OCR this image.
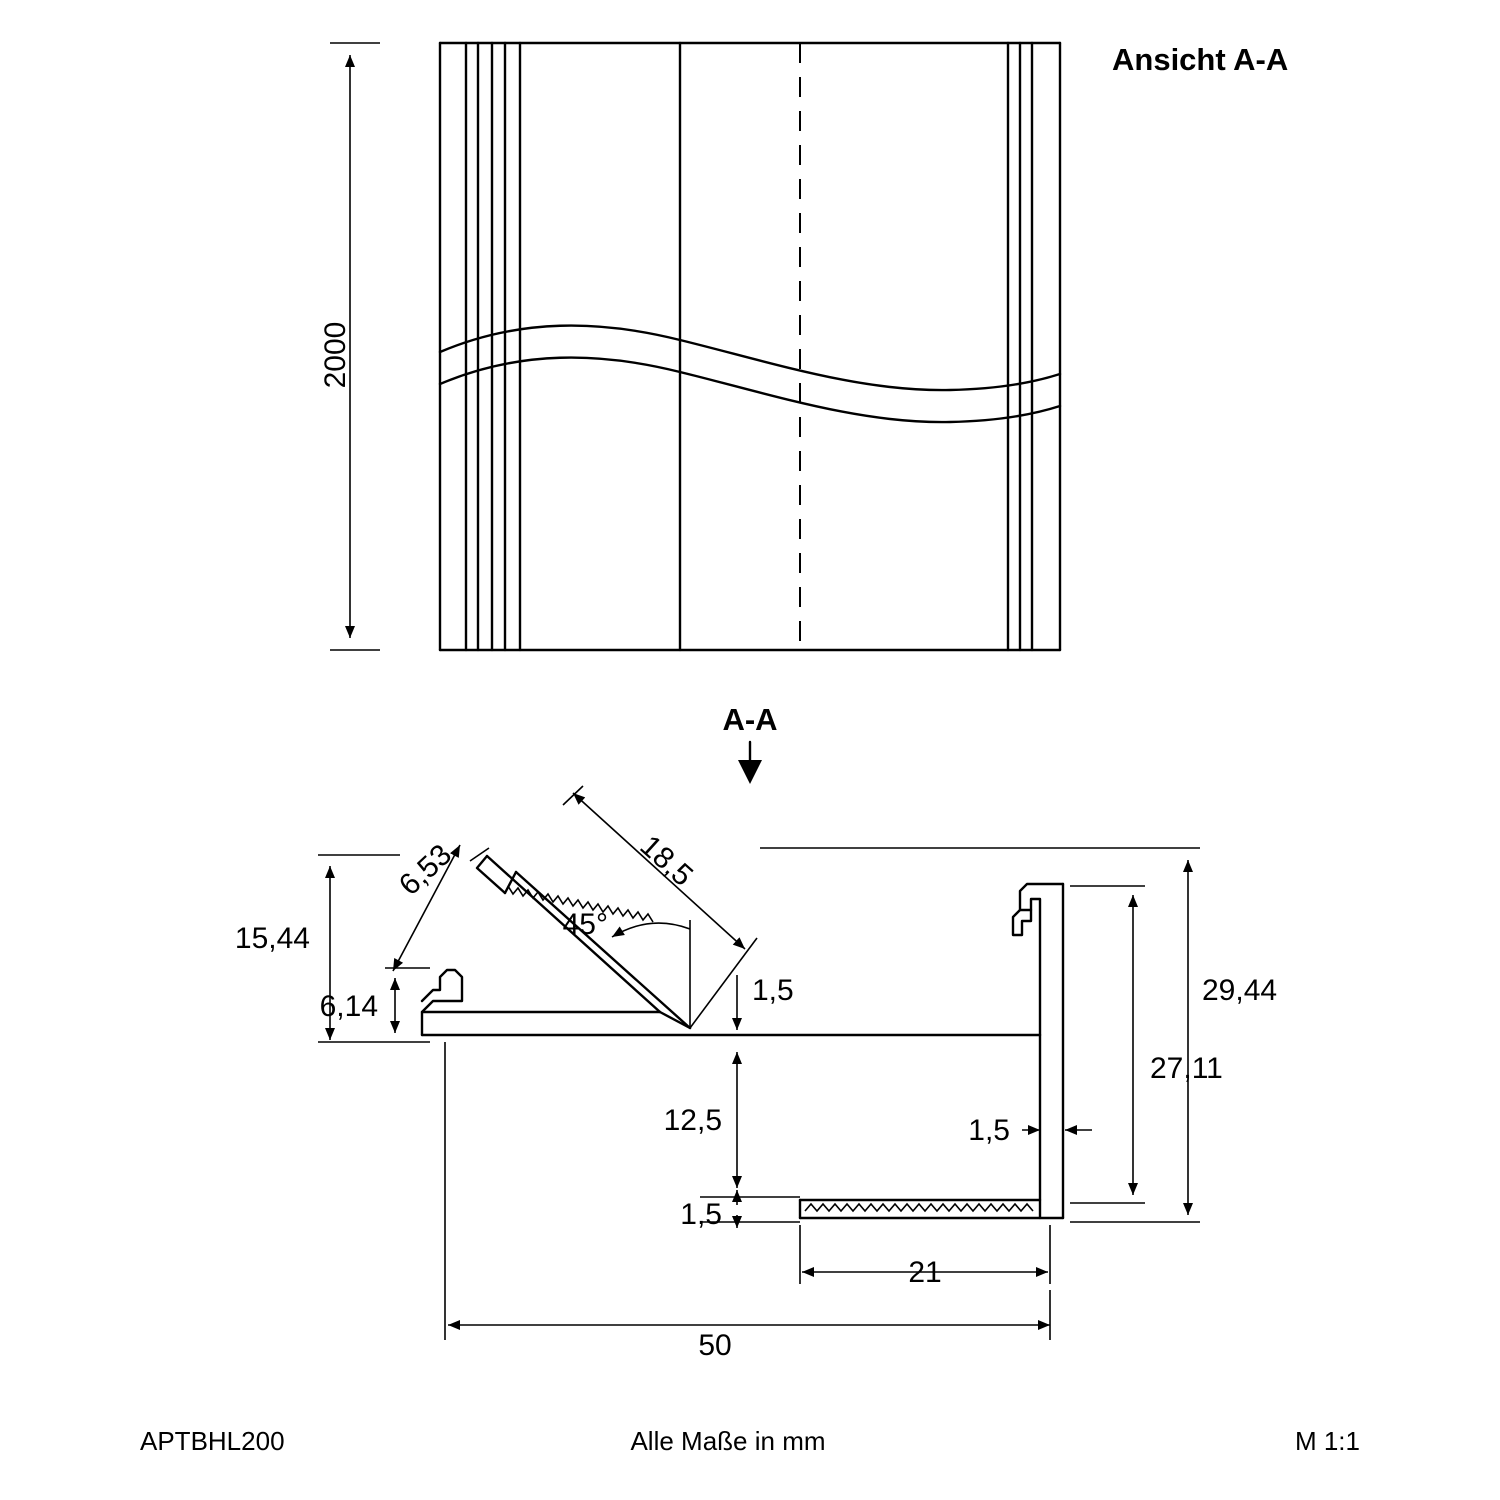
2000
Ansicht A-A
A-A
15,44
6,14
6,53	18,5
45°
1,5
12,5
1,5
1,5
29,44
27,11
21
50
APTBHL200	Alle Maße in mm	M 1:1
